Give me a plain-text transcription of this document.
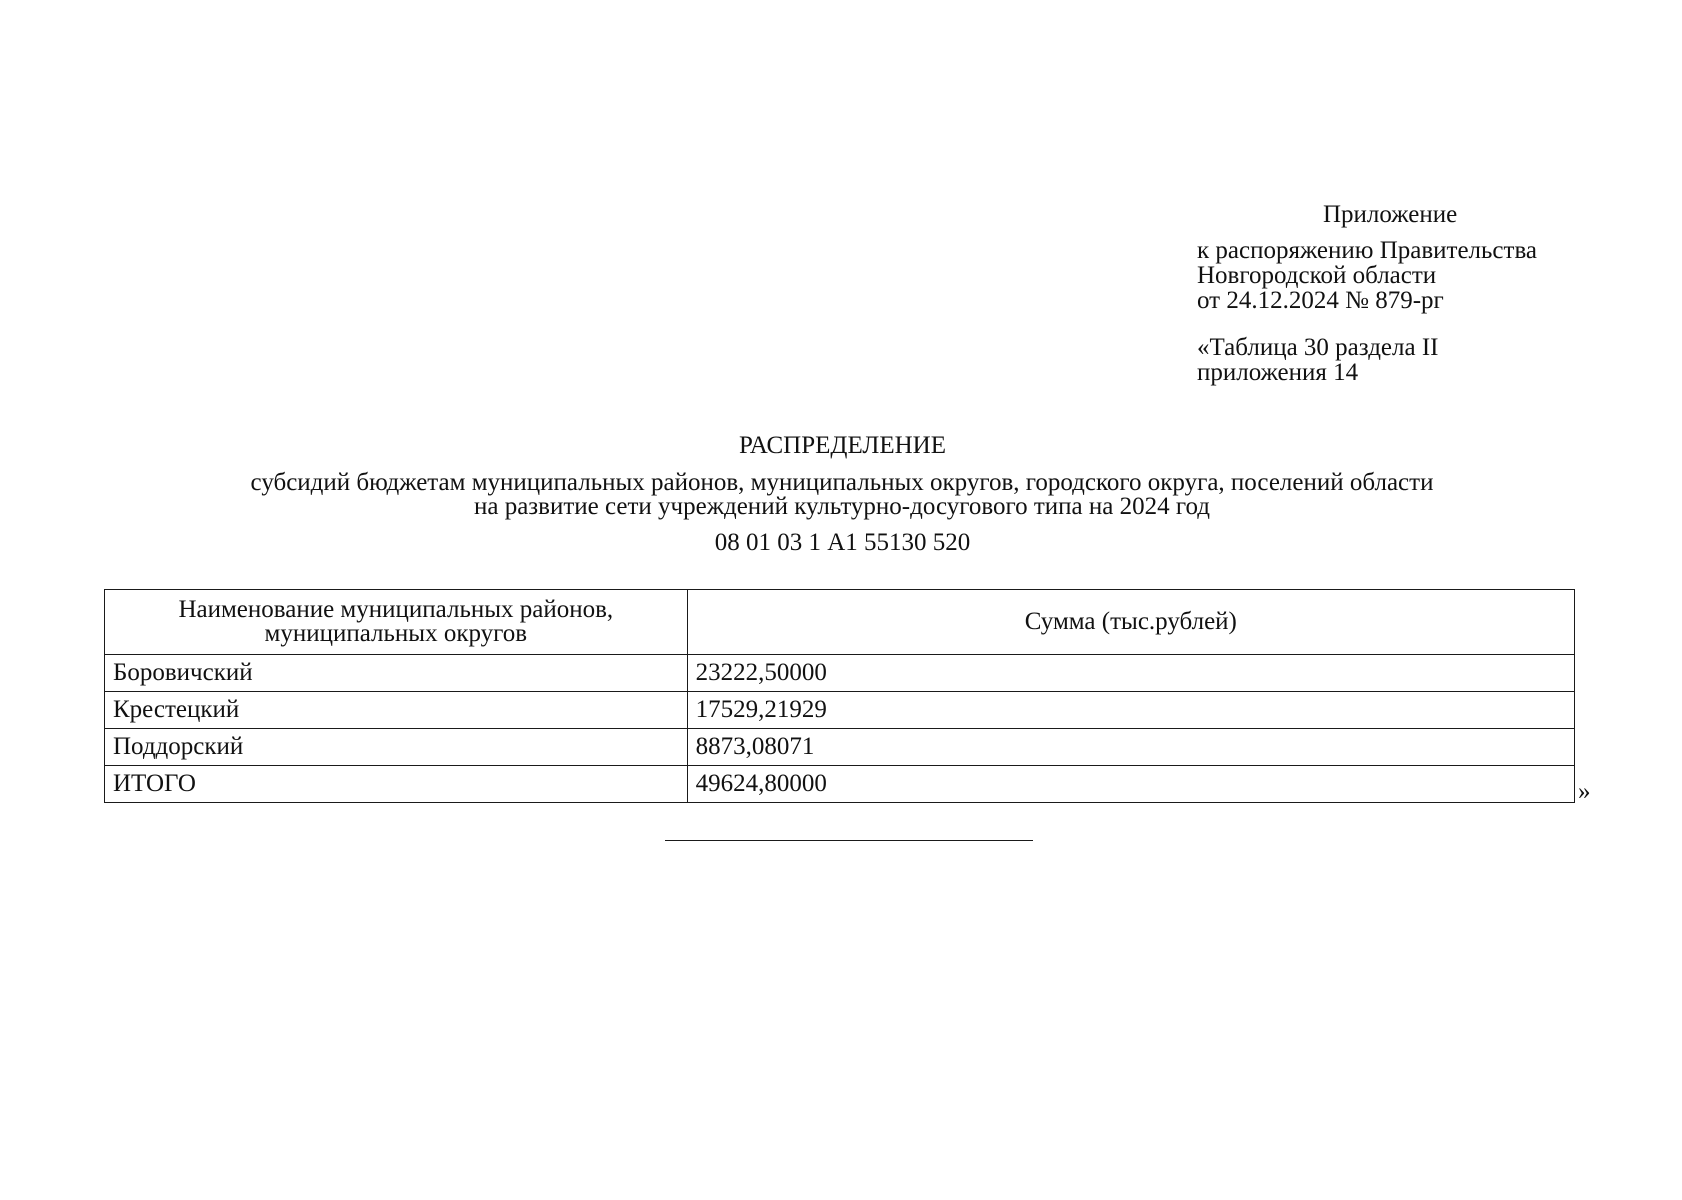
Приложение
к распоряжению Правительства
Новгородской области
от 24.12.2024 № 879-рг
«Таблица 30 раздела II
приложения 14
РАСПРЕДЕЛЕНИЕ
субсидий бюджетам муниципальных районов, муниципальных округов, городского округа, поселений области
на развитие сети учреждений культурно-досугового типа на 2024 год
08 01 03 1 А1 55130 520
Наименование муниципальных районов,
муниципальных округов	Сумма (тыс.рублей)
Боровичский	23222,50000
Крестецкий	17529,21929
Поддорский	8873,08071
ИТОГО	49624,80000	»
